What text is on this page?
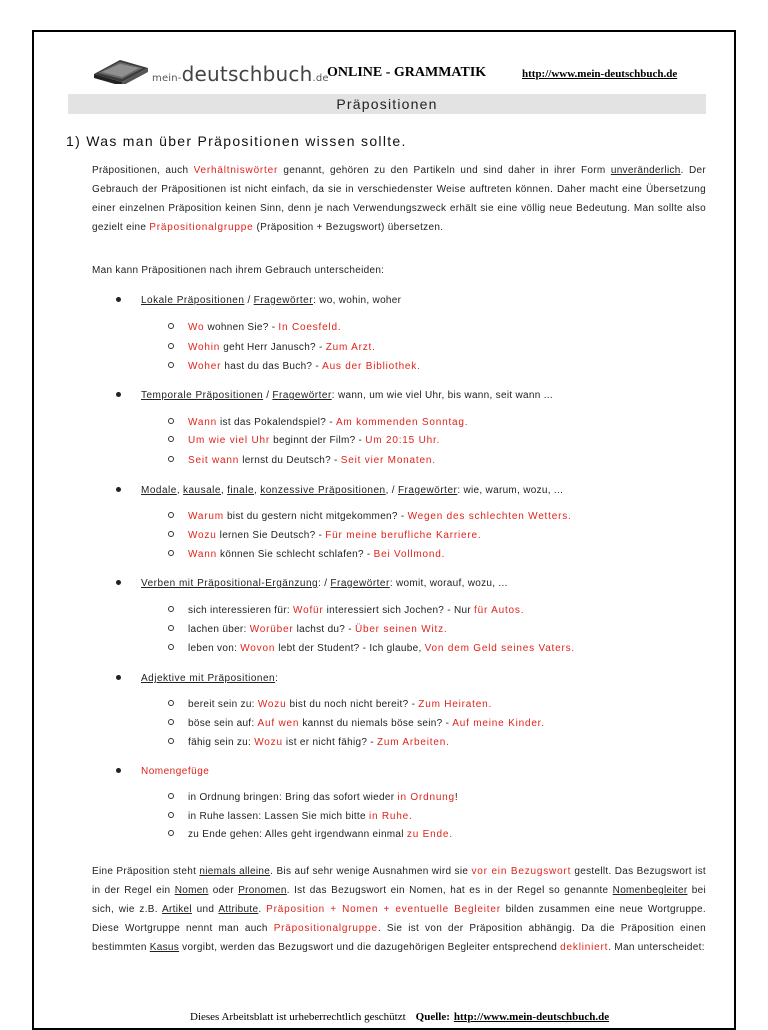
mein-deutschbuch.de
ONLINE - GRAMMATIK	http://www.mein-deutschbuch.de
Präpositionen
1) Was man über Präpositionen wissen sollte.
Präpositionen, auch Verhältniswörter genannt, gehören zu den Partikeln und sind daher in ihrer Form unveränderlich. Der Gebrauch der Präpositionen ist nicht einfach, da sie in verschiedenster Weise auftreten können. Daher macht eine Übersetzung einer einzelnen Präposition keinen Sinn, denn je nach Verwendungszweck erhält sie eine völlig neue Bedeutung. Man sollte also gezielt eine Präpositionalgruppe (Präposition + Bezugswort) übersetzen.
Man kann Präpositionen nach ihrem Gebrauch unterscheiden:
Lokale Präpositionen / Fragewörter: wo, wohin, woher
Wo wohnen Sie? - In Coesfeld.
Wohin geht Herr Janusch? - Zum Arzt.
Woher hast du das Buch? - Aus der Bibliothek.
Temporale Präpositionen / Fragewörter: wann, um wie viel Uhr, bis wann, seit wann ...
Wann ist das Pokalendspiel? - Am kommenden Sonntag.
Um wie viel Uhr beginnt der Film? - Um 20:15 Uhr.
Seit wann lernst du Deutsch? - Seit vier Monaten.
Modale, kausale, finale, konzessive Präpositionen, / Fragewörter: wie, warum, wozu, ...
Warum bist du gestern nicht mitgekommen? - Wegen des schlechten Wetters.
Wozu lernen Sie Deutsch? - Für meine berufliche Karriere.
Wann können Sie schlecht schlafen? - Bei Vollmond.
Verben mit Präpositional-Ergänzung: / Fragewörter: womit, worauf, wozu, ...
sich interessieren für: Wofür interessiert sich Jochen? - Nur für Autos.
lachen über: Worüber lachst du? - Über seinen Witz.
leben von: Wovon lebt der Student? - Ich glaube, Von dem Geld seines Vaters.
Adjektive mit Präpositionen:
bereit sein zu: Wozu bist du noch nicht bereit? - Zum Heiraten.
böse sein auf: Auf wen kannst du niemals böse sein? - Auf meine Kinder.
fähig sein zu: Wozu ist er nicht fähig? - Zum Arbeiten.
Nomengefüge
in Ordnung bringen: Bring das sofort wieder in Ordnung!
in Ruhe lassen: Lassen Sie mich bitte in Ruhe.
zu Ende gehen: Alles geht irgendwann einmal zu Ende.
Eine Präposition steht niemals alleine. Bis auf sehr wenige Ausnahmen wird sie vor ein Bezugswort gestellt. Das Bezugswort ist in der Regel ein Nomen oder Pronomen. Ist das Bezugswort ein Nomen, hat es in der Regel so genannte Nomenbegleiter bei sich, wie z.B. Artikel und Attribute. Präposition + Nomen + eventuelle Begleiter bilden zusammen eine neue Wortgruppe. Diese Wortgruppe nennt man auch Präpositionalgruppe. Sie ist von der Präposition abhängig. Da die Präposition einen bestimmten Kasus vorgibt, werden das Bezugswort und die dazugehörigen Begleiter entsprechend dekliniert. Man unterscheidet:
Dieses Arbeitsblatt ist urheberrechtlich geschützt Quelle: http://www.mein-deutschbuch.de
